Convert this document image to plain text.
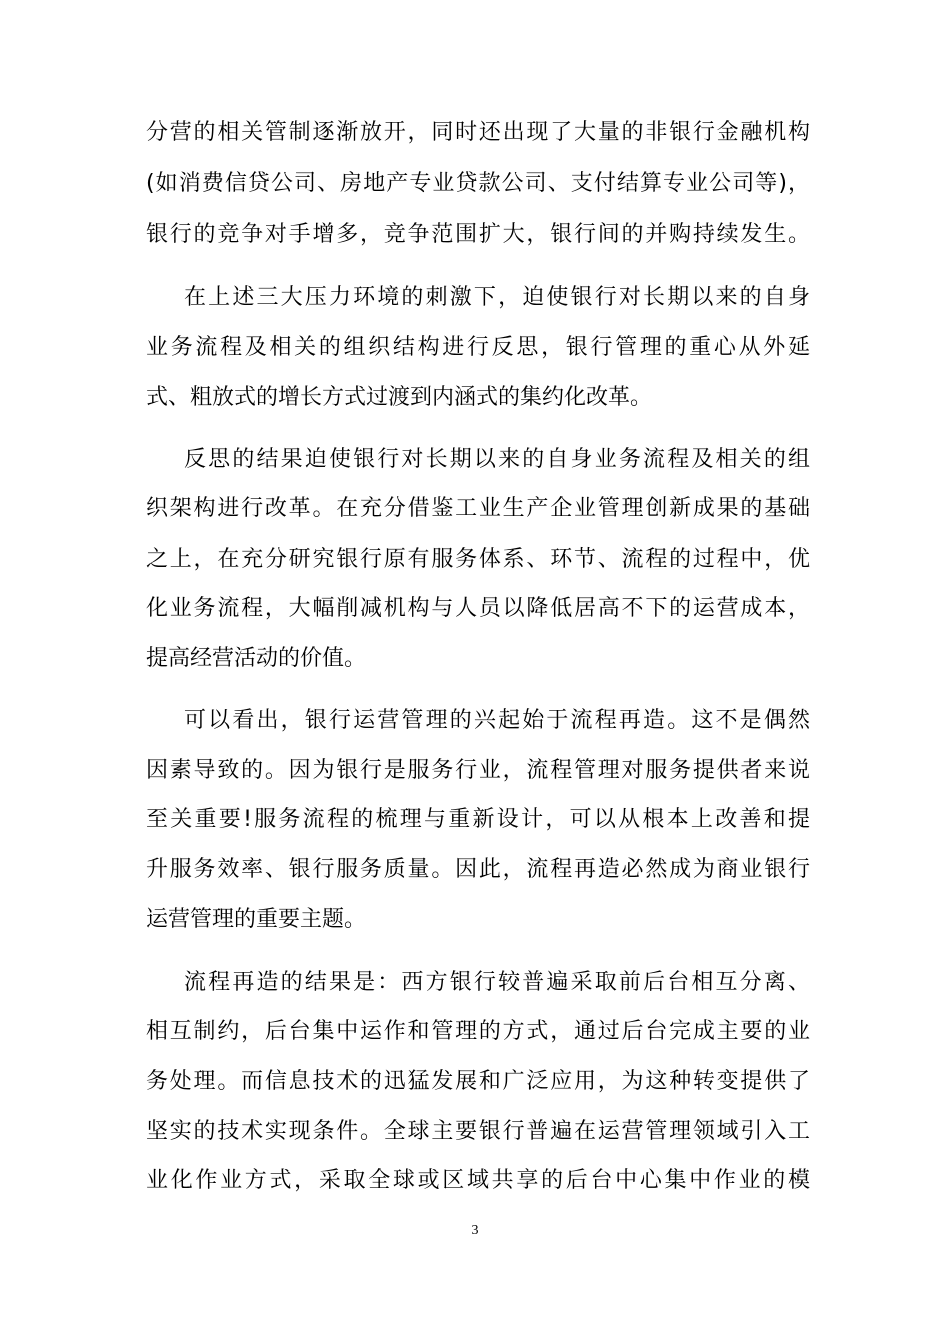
分营的相关管制逐渐放开，同时还出现了大量的非银行金融机构
(如消费信贷公司、房地产专业贷款公司、支付结算专业公司等)，
银行的竞争对手增多，竞争范围扩大，银行间的并购持续发生。
在上述三大压力环境的刺激下，迫使银行对长期以来的自身
业务流程及相关的组织结构进行反思，银行管理的重心从外延
式、粗放式的增长方式过渡到内涵式的集约化改革。
反思的结果迫使银行对长期以来的自身业务流程及相关的组
织架构进行改革。在充分借鉴工业生产企业管理创新成果的基础
之上，在充分研究银行原有服务体系、环节、流程的过程中，优
化业务流程，大幅削减机构与人员以降低居高不下的运营成本，
提高经营活动的价值。
可以看出，银行运营管理的兴起始于流程再造。这不是偶然
因素导致的。因为银行是服务行业，流程管理对服务提供者来说
至关重要!服务流程的梳理与重新设计，可以从根本上改善和提
升服务效率、银行服务质量。因此，流程再造必然成为商业银行
运营管理的重要主题。
流程再造的结果是：西方银行较普遍采取前后台相互分离、
相互制约，后台集中运作和管理的方式，通过后台完成主要的业
务处理。而信息技术的迅猛发展和广泛应用，为这种转变提供了
坚实的技术实现条件。全球主要银行普遍在运营管理领域引入工
业化作业方式，采取全球或区域共享的后台中心集中作业的模
3
